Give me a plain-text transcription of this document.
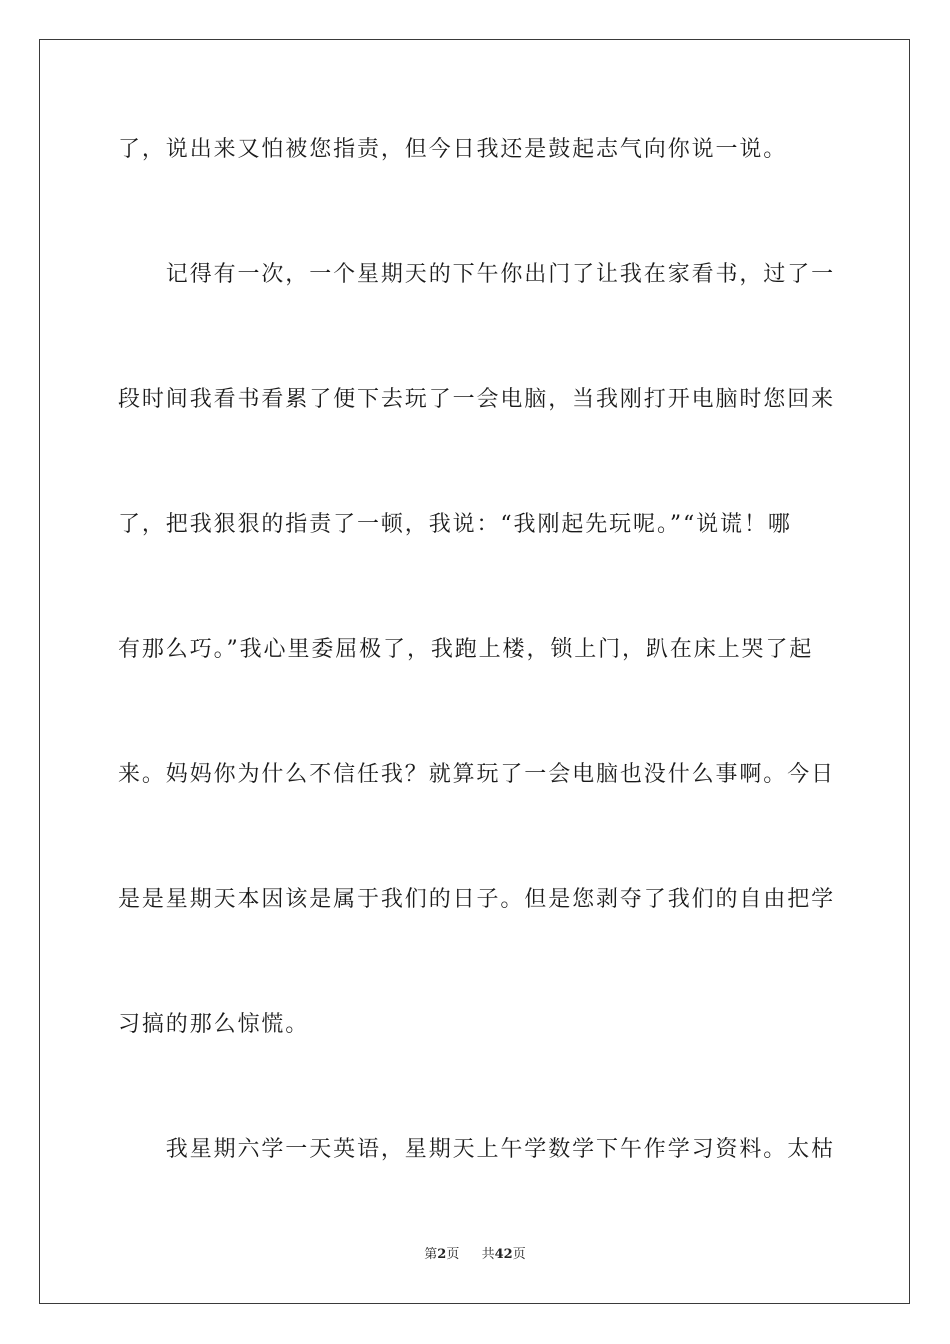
了，说出来又怕被您指责，但今日我还是鼓起志气向你说一说。
　　记得有一次，一个星期天的下午你出门了让我在家看书，过了一
段时间我看书看累了便下去玩了一会电脑，当我刚打开电脑时您回来
了，把我狠狠的指责了一顿，我说：“我刚起先玩呢。”“说谎！哪
有那么巧。”我心里委屈极了，我跑上楼，锁上门，趴在床上哭了起
来。妈妈你为什么不信任我？就算玩了一会电脑也没什么事啊。今日
是是星期天本因该是属于我们的日子。但是您剥夺了我们的自由把学
习搞的那么惊慌。
　　我星期六学一天英语，星期天上午学数学下午作学习资料。太枯
第2页 共42页
